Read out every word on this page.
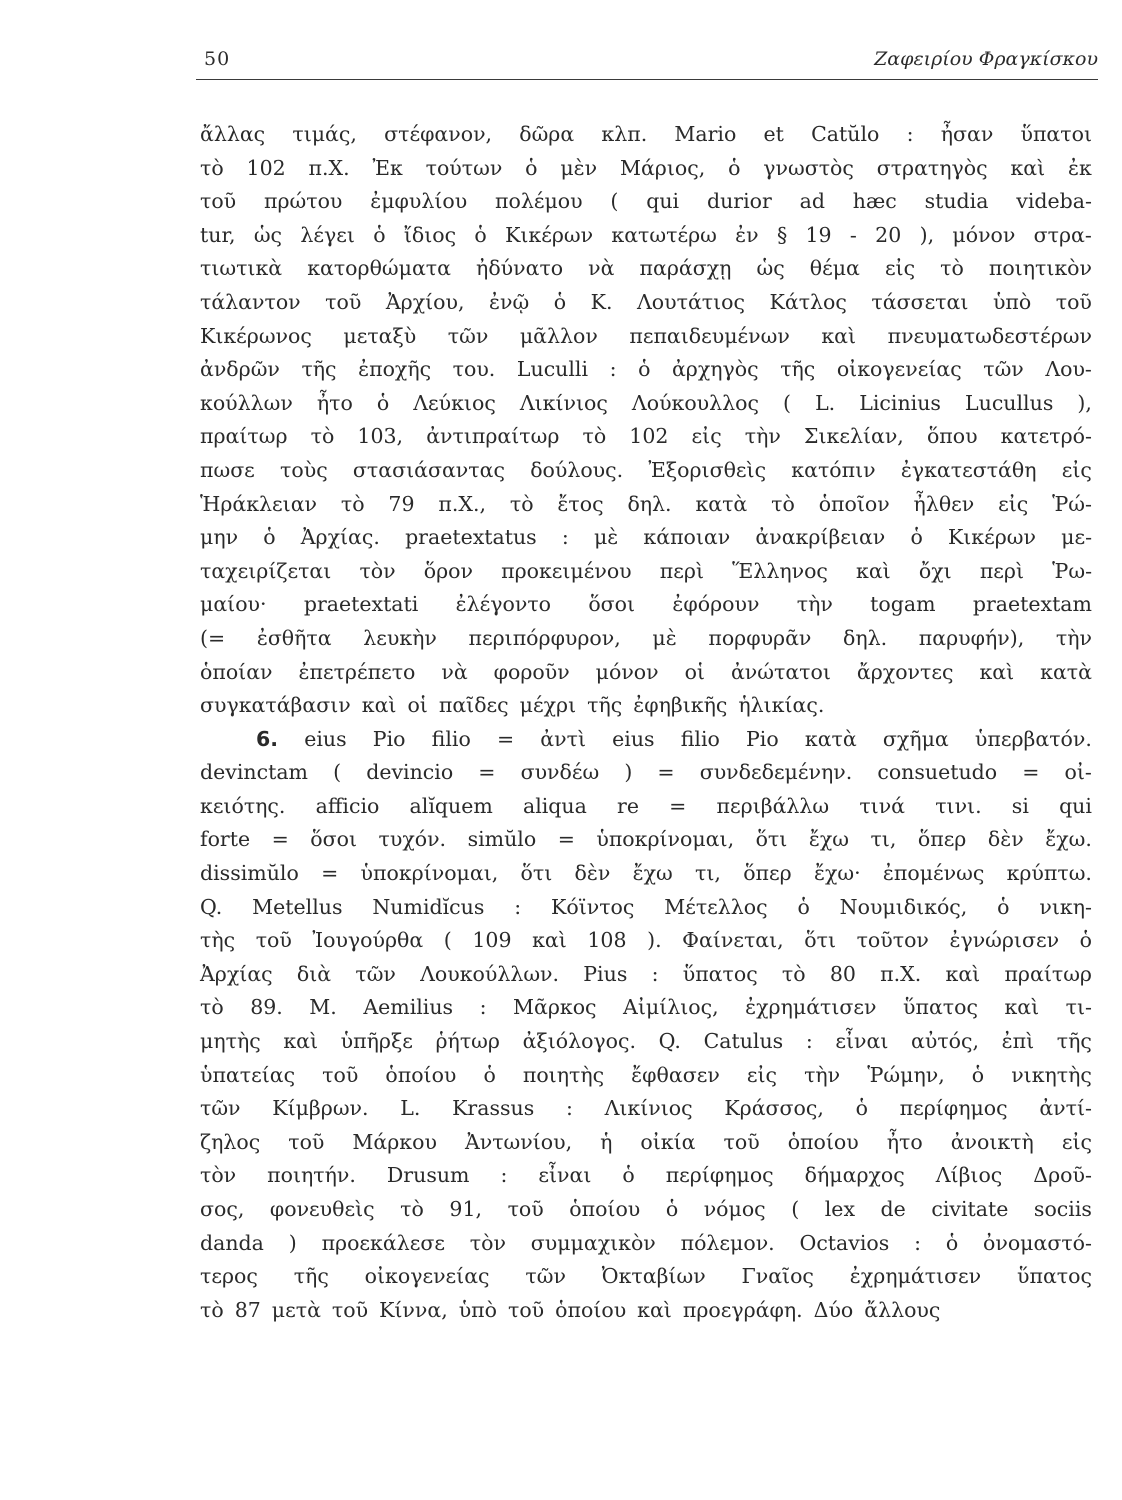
50	Ζαφειρίου Φραγκίσκου
ἄλλας τιμάς, στέφανον, δῶρα κλπ. Mario et Catŭlo : ἦσαν ὕπατοι
τὸ 102 π.Χ. Ἐκ τούτων ὁ μὲν Μάριος, ὁ γνωστὸς στρατηγὸς καὶ ἐκ
τοῦ πρώτου ἐμφυλίου πολέμου ( qui durior ad hæc studia videba-
tur, ὡς λέγει ὁ ἴδιος ὁ Κικέρων κατωτέρω ἐν § 19 - 20 ), μόνον στρα-
τιωτικὰ κατορθώματα ἠδύνατο νὰ παράσχῃ ὡς θέμα εἰς τὸ ποιητικὸν
τάλαντον τοῦ Ἀρχίου, ἐνῷ ὁ Κ. Λουτάτιος Κάτλος τάσσεται ὑπὸ τοῦ
Κικέρωνος μεταξὺ τῶν μᾶλλον πεπαιδευμένων καὶ πνευματωδεστέρων
ἀνδρῶν τῆς ἐποχῆς του. Luculli : ὁ ἀρχηγὸς τῆς οἰκογενείας τῶν Λου-
κούλλων ἦτο ὁ Λεύκιος Λικίνιος Λούκουλλος ( L. Licinius Lucullus ),
πραίτωρ τὸ 103, ἀντιπραίτωρ τὸ 102 εἰς τὴν Σικελίαν, ὅπου κατετρό-
πωσε τοὺς στασιάσαντας δούλους. Ἐξορισθεὶς κατόπιν ἐγκατεστάθη εἰς
Ἡράκλειαν τὸ 79 π.Χ., τὸ ἔτος δηλ. κατὰ τὸ ὁποῖον ἦλθεν εἰς Ῥώ-
μην ὁ Ἀρχίας. praetextatus : μὲ κάποιαν ἀνακρίβειαν ὁ Κικέρων με-
ταχειρίζεται τὸν ὅρον προκειμένου περὶ Ἕλληνος καὶ ὄχι περὶ Ῥω-
μαίου· praetextati ἐλέγοντο ὅσοι ἐφόρουν τὴν togam praetextam
(= ἐσθῆτα λευκὴν περιπόρφυρον, μὲ πορφυρᾶν δηλ. παρυφήν), τὴν
ὁποίαν ἐπετρέπετο νὰ φοροῦν μόνον οἱ ἀνώτατοι ἄρχοντες καὶ κατὰ
συγκατάβασιν καὶ οἱ παῖδες μέχρι τῆς ἐφηβικῆς ἡλικίας.
6. eius Pio filio = ἀντὶ eius filio Pio κατὰ σχῆμα ὑπερβατόν.
devinctam ( devincio = συνδέω ) = συνδεδεμένην. consuetudo = οἰ-
κειότης. afficio alĭquem aliqua re = περιβάλλω τινά τινι. si qui
forte = ὅσοι τυχόν. simŭlo = ὑποκρίνομαι, ὅτι ἔχω τι, ὅπερ δὲν ἔχω.
dissimŭlo = ὑποκρίνομαι, ὅτι δὲν ἔχω τι, ὅπερ ἔχω· ἐπομένως κρύπτω.
Q. Metellus Numidĭcus : Κόϊντος Μέτελλος ὁ Νουμιδικός, ὁ νικη-
τὴς τοῦ Ἰουγούρθα ( 109 καὶ 108 ). Φαίνεται, ὅτι τοῦτον ἐγνώρισεν ὁ
Ἀρχίας διὰ τῶν Λουκούλλων. Pius : ὕπατος τὸ 80 π.Χ. καὶ πραίτωρ
τὸ 89. M. Aemilius : Μᾶρκος Αἰμίλιος, ἐχρημάτισεν ὕπατος καὶ τι-
μητὴς καὶ ὑπῆρξε ῥήτωρ ἀξιόλογος. Q. Catulus : εἶναι αὐτός, ἐπὶ τῆς
ὑπατείας τοῦ ὁποίου ὁ ποιητὴς ἔφθασεν εἰς τὴν Ῥώμην, ὁ νικητὴς
τῶν Κίμβρων. L. Krassus : Λικίνιος Κράσσος, ὁ περίφημος ἀντί-
ζηλος τοῦ Μάρκου Ἀντωνίου, ἡ οἰκία τοῦ ὁποίου ἦτο ἀνοικτὴ εἰς
τὸν ποιητήν. Drusum : εἶναι ὁ περίφημος δήμαρχος Λίβιος Δροῦ-
σος, φονευθεὶς τὸ 91, τοῦ ὁποίου ὁ νόμος ( lex de civitate sociis
danda ) προεκάλεσε τὸν συμμαχικὸν πόλεμον. Octavios : ὁ ὀνομαστό-
τερος τῆς οἰκογενείας τῶν Ὀκταβίων Γναῖος ἐχρημάτισεν ὕπατος
τὸ 87 μετὰ τοῦ Κίννα, ὑπὸ τοῦ ὁποίου καὶ προεγράφη. Δύο ἄλλους
